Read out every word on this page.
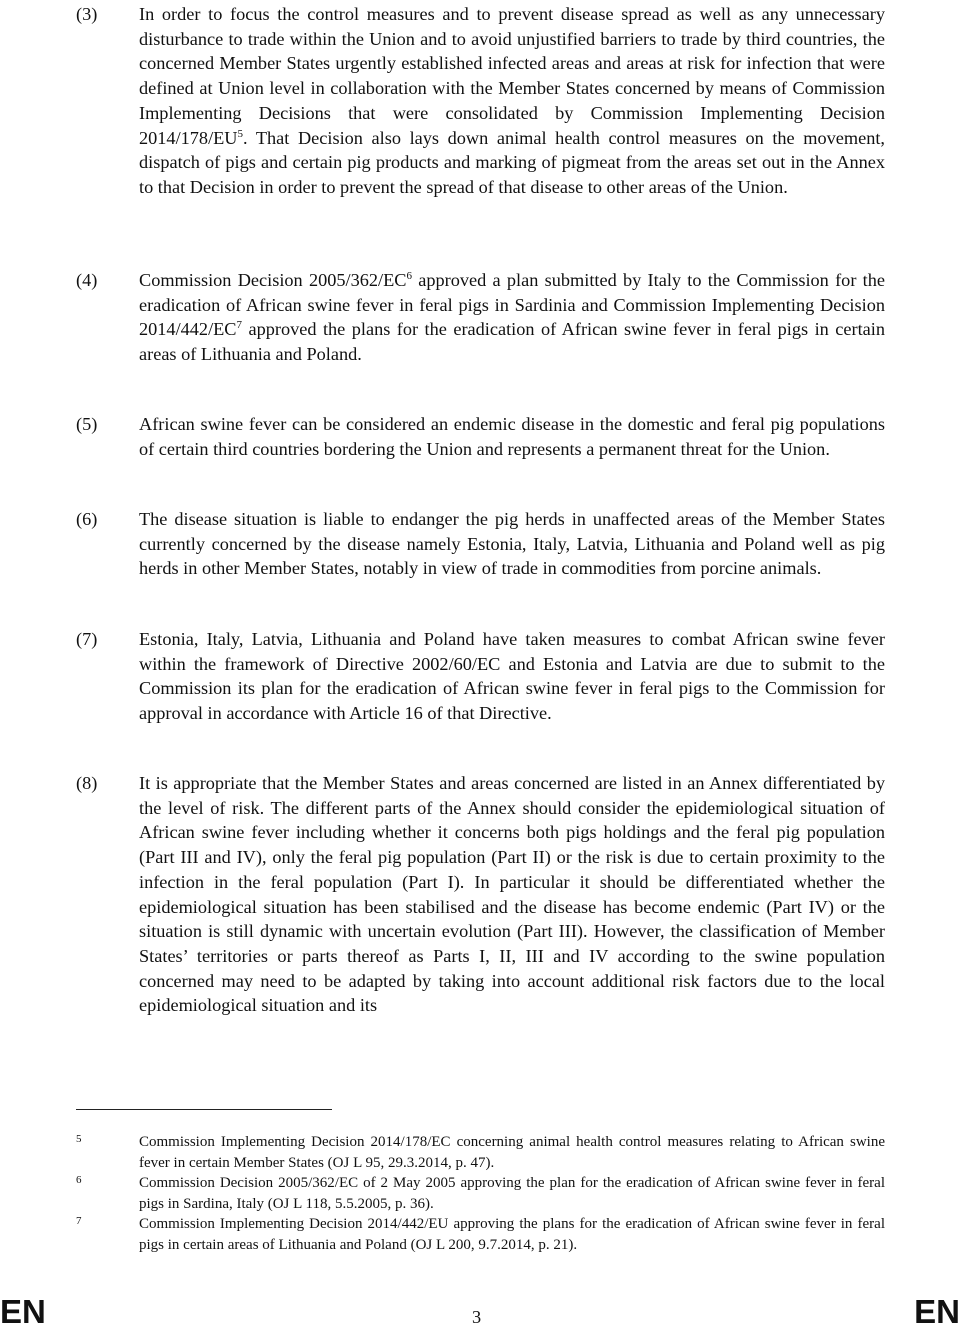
(3) In order to focus the control measures and to prevent disease spread as well as any unnecessary disturbance to trade within the Union and to avoid unjustified barriers to trade by third countries, the concerned Member States urgently established infected areas and areas at risk for infection that were defined at Union level in collaboration with the Member States concerned by means of Commission Implementing Decisions that were consolidated by Commission Implementing Decision $2014/178/EU^5$. That Decision also lays down animal health control measures on the movement, dispatch of pigs and certain pig products and marking of pigmeat from the areas set out in the Annex to that Decision in order to prevent the spread of that disease to other areas of the Union.
(4) Commission Decision $2005/362/EC^6$ approved a plan submitted by Italy to the Commission for the eradication of African swine fever in feral pigs in Sardinia and Commission Implementing Decision $2014/442/EC^7$ approved the plans for the eradication of African swine fever in feral pigs in certain areas of Lithuania and Poland.
(5) African swine fever can be considered an endemic disease in the domestic and feral pig populations of certain third countries bordering the Union and represents a permanent threat for the Union.
(6) The disease situation is liable to endanger the pig herds in unaffected areas of the Member States currently concerned by the disease namely Estonia, Italy, Latvia, Lithuania and Poland well as pig herds in other Member States, notably in view of trade in commodities from porcine animals.
(7) Estonia, Italy, Latvia, Lithuania and Poland have taken measures to combat African swine fever within the framework of Directive 2002/60/EC and Estonia and Latvia are due to submit to the Commission its plan for the eradication of African swine fever in feral pigs to the Commission for approval in accordance with Article 16 of that Directive.
(8) It is appropriate that the Member States and areas concerned are listed in an Annex differentiated by the level of risk. The different parts of the Annex should consider the epidemiological situation of African swine fever including whether it concerns both pigs holdings and the feral pig population (Part III and IV), only the feral pig population (Part II) or the risk is due to certain proximity to the infection in the feral population (Part I). In particular it should be differentiated whether the epidemiological situation has been stabilised and the disease has become endemic (Part IV) or the situation is still dynamic with uncertain evolution (Part III). However, the classification of Member States’ territories or parts thereof as Parts I, II, III and IV according to the swine population concerned may need to be adapted by taking into account additional risk factors due to the local epidemiological situation and its
5	Commission Implementing Decision 2014/178/EC concerning animal health control measures relating to African swine fever in certain Member States (OJ L 95, 29.3.2014, p. 47).
6	Commission Decision 2005/362/EC of 2 May 2005 approving the plan for the eradication of African swine fever in feral pigs in Sardina, Italy (OJ L 118, 5.5.2005, p. 36).
7	Commission Implementing Decision 2014/442/EU approving the plans for the eradication of African swine fever in feral pigs in certain areas of Lithuania and Poland (OJ L 200, 9.7.2014, p. 21).
EN	3	EN
